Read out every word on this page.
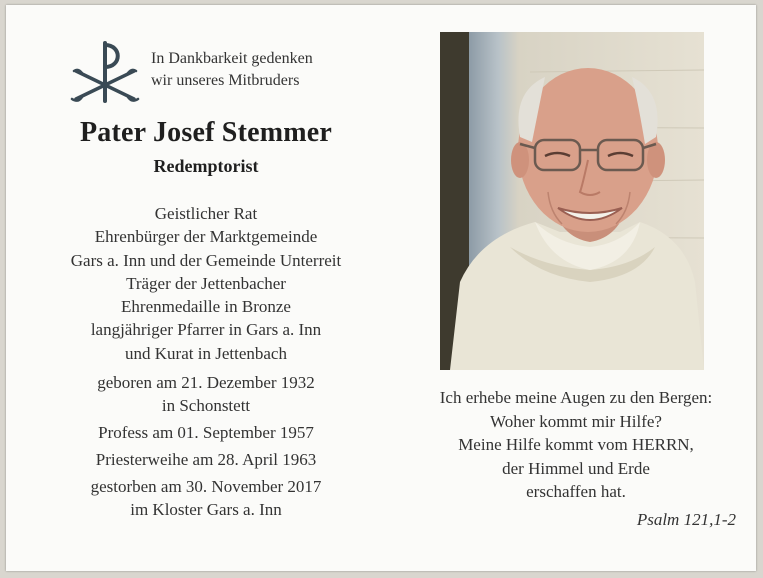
In Dankbarkeit gedenken
wir unseres Mitbruders
Pater Josef Stemmer
Redemptorist
Geistlicher Rat
Ehrenbürger der Marktgemeinde
Gars a. Inn und der Gemeinde Unterreit
Träger der Jettenbacher
Ehrenmedaille in Bronze
langjähriger Pfarrer in Gars a. Inn
und Kurat in Jettenbach
geboren am 21. Dezember 1932
in Schonstett
Profess am 01. September 1957
Priesterweihe am 28. April 1963
gestorben am 30. November 2017
im Kloster Gars a. Inn
Ich erhebe meine Augen zu den Bergen:
Woher kommt mir Hilfe?
Meine Hilfe kommt vom HERRN,
der Himmel und Erde
erschaffen hat.
Psalm 121,1-2
